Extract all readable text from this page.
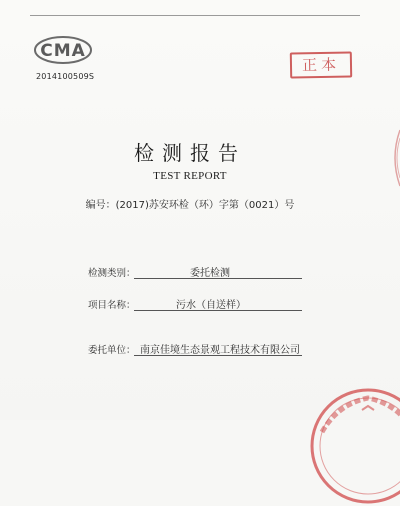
CMA
2014100509S
正本
检测报告
TEST REPORT
编号：(2017)苏安环检（环）字第（0021）号
检测类别：	委托检测
项目名称：	污水（自送样）
委托单位： 南京佳境生态景观工程技术有限公司
